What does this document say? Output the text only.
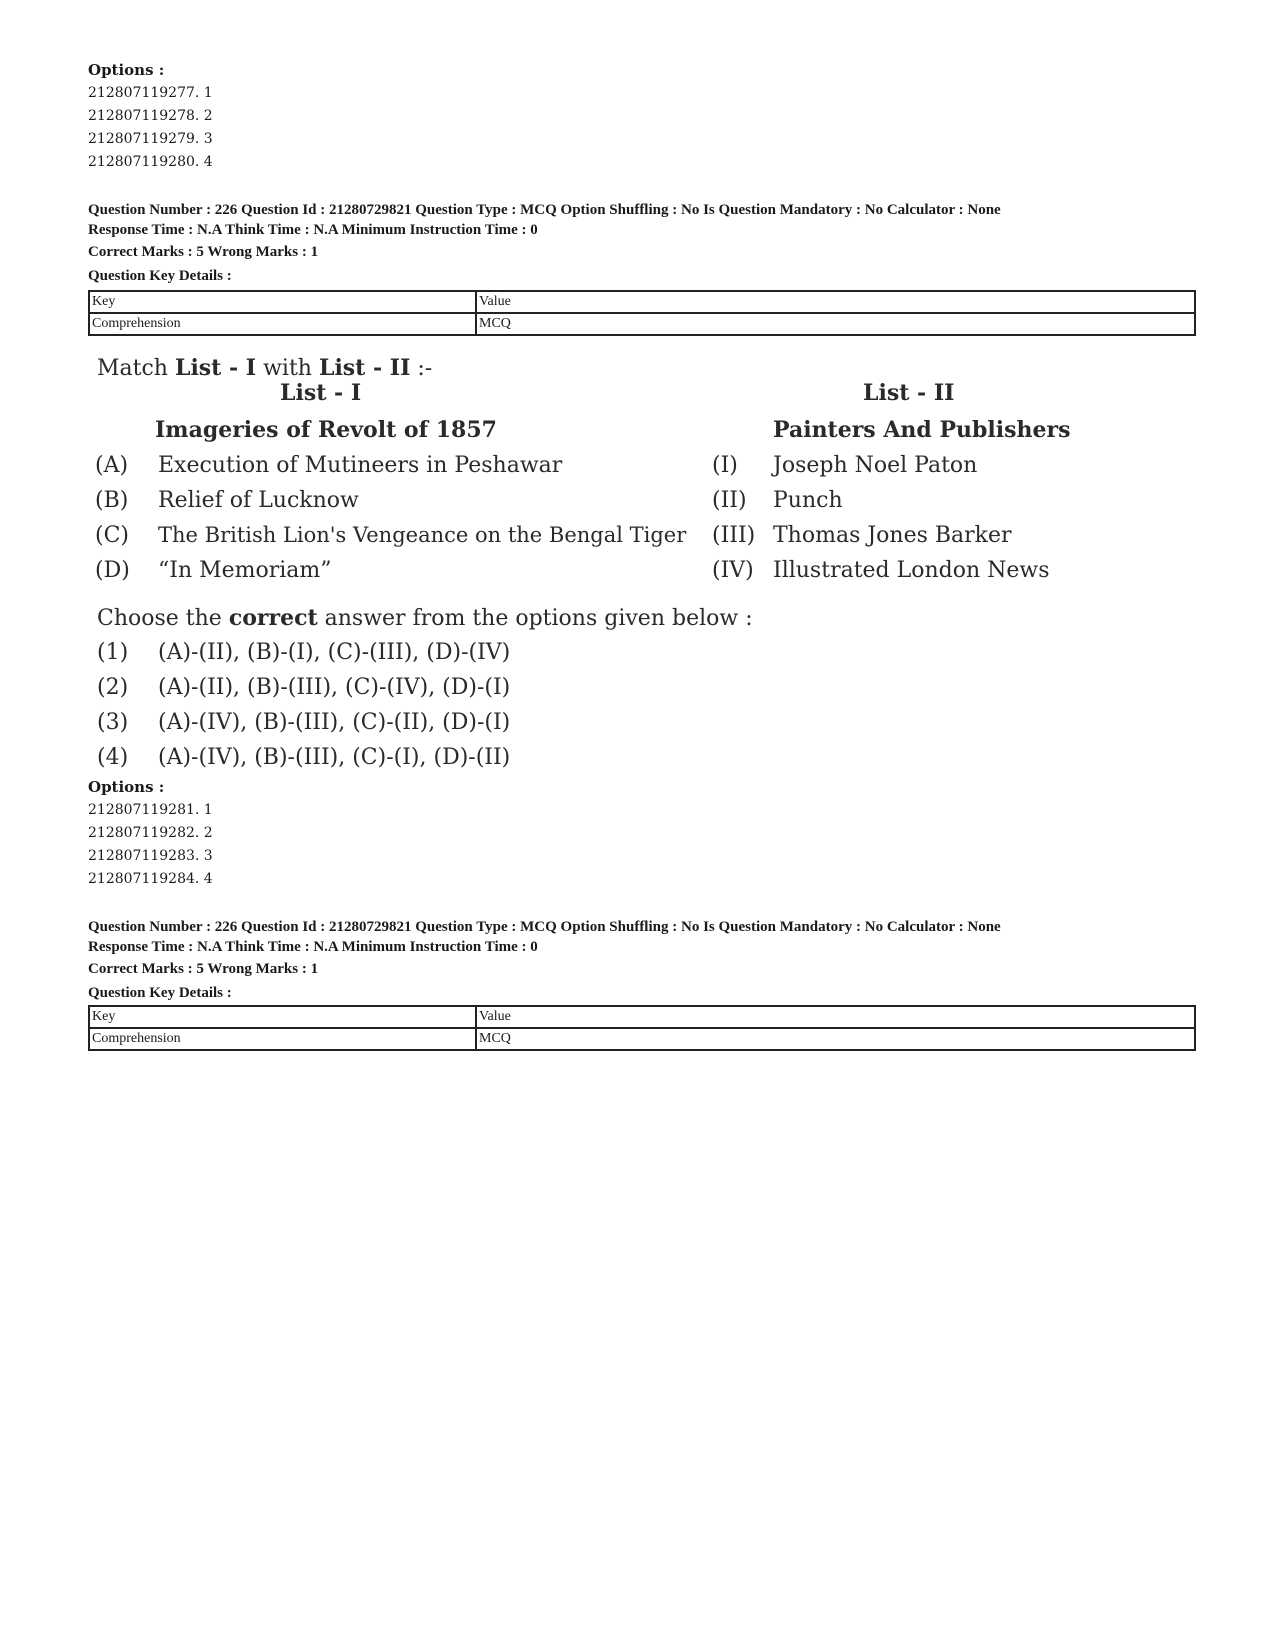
Options :
212807119277. 1
212807119278. 2
212807119279. 3
212807119280. 4
Question Number : 226 Question Id : 21280729821 Question Type : MCQ Option Shuffling : No Is Question Mandatory : No Calculator : None
Response Time : N.A Think Time : N.A Minimum Instruction Time : 0
Correct Marks : 5 Wrong Marks : 1
Question Key Details :
Key	Value
Comprehension	MCQ
Match List - I with List - II :-
List - I	List - II
Imageries of Revolt of 1857	Painters And Publishers
(A) Execution of Mutineers in Peshawar	(I) Joseph Noel Paton
(B) Relief of Lucknow	(II) Punch
(C) The British Lion's Vengeance on the Bengal Tiger (III) Thomas Jones Barker
(D) “In Memoriam”	(IV) Illustrated London News
Choose the correct answer from the options given below :
(1) (A)-(II), (B)-(I), (C)-(III), (D)-(IV)
(2) (A)-(II), (B)-(III), (C)-(IV), (D)-(I)
(3) (A)-(IV), (B)-(III), (C)-(II), (D)-(I)
(4) (A)-(IV), (B)-(III), (C)-(I), (D)-(II)
Options :
212807119281. 1
212807119282. 2
212807119283. 3
212807119284. 4
Question Number : 226 Question Id : 21280729821 Question Type : MCQ Option Shuffling : No Is Question Mandatory : No Calculator : None
Response Time : N.A Think Time : N.A Minimum Instruction Time : 0
Correct Marks : 5 Wrong Marks : 1
Question Key Details :
Key	Value
Comprehension	MCQ
